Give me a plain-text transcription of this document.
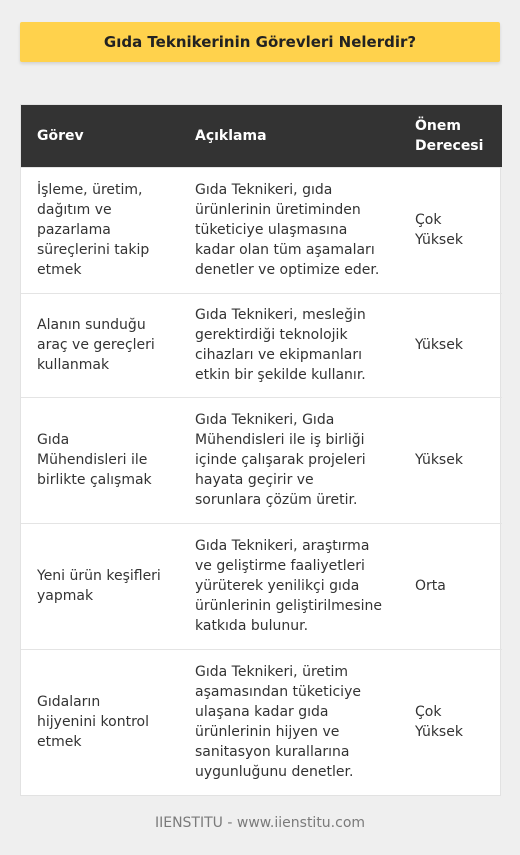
Gıda Teknikerinin Görevleri Nelerdir?
Görev	Açıklama	Önem Derecesi
İşleme, üretim, dağıtım ve pazarlama süreçlerini takip etmek	Gıda Teknikeri, gıda ürünlerinin üretiminden tüketiciye ulaşmasına kadar olan tüm aşamaları denetler ve optimize eder.	Çok Yüksek
Alanın sunduğu araç ve gereçleri kullanmak	Gıda Teknikeri, mesleğin gerektirdiği teknolojik cihazları ve ekipmanları etkin bir şekilde kullanır.	Yüksek
Gıda Mühendisleri ile birlikte çalışmak	Gıda Teknikeri, Gıda Mühendisleri ile iş birliği içinde çalışarak projeleri hayata geçirir ve sorunlara çözüm üretir.	Yüksek
Yeni ürün keşifleri yapmak	Gıda Teknikeri, araştırma ve geliştirme faaliyetleri yürüterek yenilikçi gıda ürünlerinin geliştirilmesine katkıda bulunur.	Orta
Gıdaların hijyenini kontrol etmek	Gıda Teknikeri, üretim aşamasından tüketiciye ulaşana kadar gıda ürünlerinin hijyen ve sanitasyon kurallarına uygunluğunu denetler.	Çok Yüksek
IIENSTITU - www.iienstitu.com
